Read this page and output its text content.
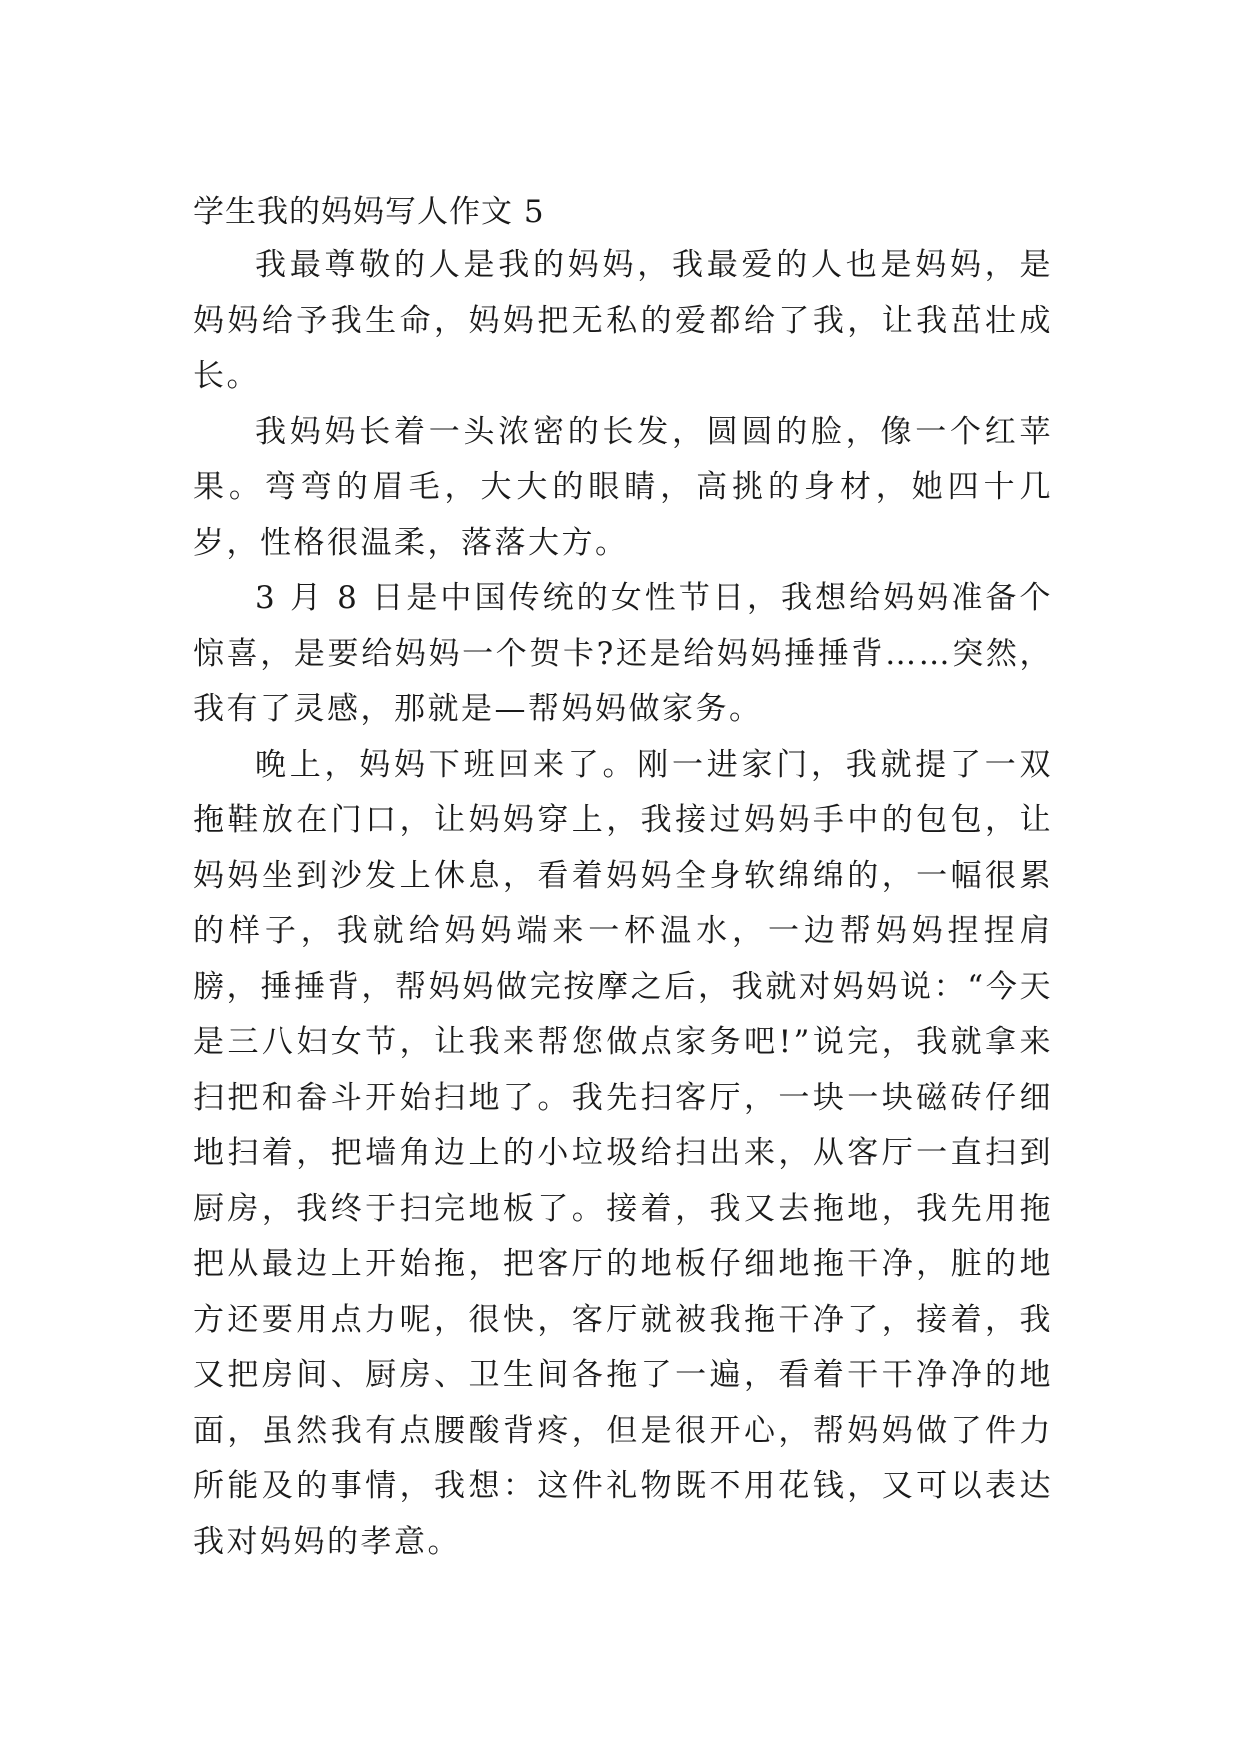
学生我的妈妈写人作文 5

我最尊敬的人是我的妈妈，我最爱的人也是妈妈，是妈妈给予我生命，妈妈把无私的爱都给了我，让我茁壮成长。

我妈妈长着一头浓密的长发，圆圆的脸，像一个红苹果。弯弯的眉毛，大大的眼睛，高挑的身材，她四十几岁，性格很温柔，落落大方。

3 月 8 日是中国传统的女性节日，我想给妈妈准备个惊喜，是要给妈妈一个贺卡?还是给妈妈捶捶背……突然，我有了灵感，那就是—帮妈妈做家务。

晚上，妈妈下班回来了。刚一进家门，我就提了一双拖鞋放在门口，让妈妈穿上，我接过妈妈手中的包包，让妈妈坐到沙发上休息，看着妈妈全身软绵绵的，一幅很累的样子，我就给妈妈端来一杯温水，一边帮妈妈捏捏肩膀，捶捶背，帮妈妈做完按摩之后，我就对妈妈说：“今天是三八妇女节，让我来帮您做点家务吧!”说完，我就拿来扫把和畚斗开始扫地了。我先扫客厅，一块一块磁砖仔细地扫着，把墙角边上的小垃圾给扫出来，从客厅一直扫到厨房，我终于扫完地板了。接着，我又去拖地，我先用拖把从最边上开始拖，把客厅的地板仔细地拖干净，脏的地方还要用点力呢，很快，客厅就被我拖干净了，接着，我又把房间、厨房、卫生间各拖了一遍，看着干干净净的地面，虽然我有点腰酸背疼，但是很开心，帮妈妈做了件力所能及的事情，我想：这件礼物既不用花钱，又可以表达我对妈妈的孝意。
